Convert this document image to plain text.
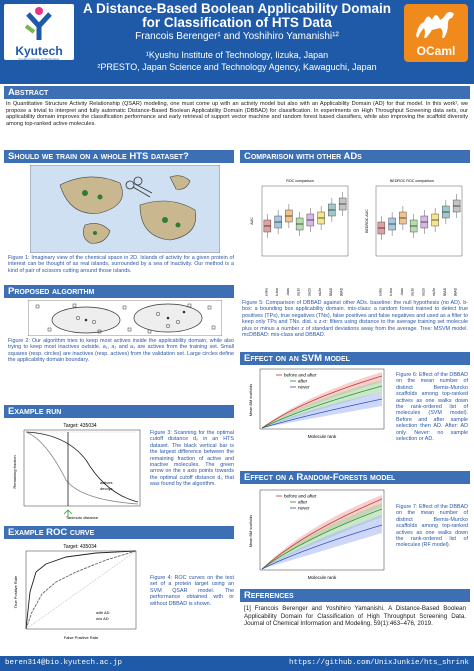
Kyutech
Kyushu Institute of Technology
A Distance-Based Boolean Applicability Domain
for Classification of HTS Data
Francois Berenger¹ and Yoshihiro Yamanishi¹²
¹Kyushu Institute of Technology, Iizuka, Japan
²PRESTO, Japan Science and Technology Agency, Kawaguchi, Japan
OCaml
Abstract
In Quantitative Structure Activity Relationship (QSAR) modeling, one must come up with an activity model but also with an Applicability Domain (AD) for that model. In this work¹, we propose a trivial to interpret and fully automatic Distance-Based Boolean Applicability Domain (DBBAD) for classification. In experiments on High Throughput Screening data sets, our applicability domain improves the classification performance and early retrieval of support vector machine and random forest based classifiers, while also improving the scaffold diversity among top-ranked active molecules.
Should we train on a whole HTS dataset?
Figure 1: Imaginary view of the chemical space in 2D. Islands of activity for a given protein of interest can be thought of as real islands, surrounded by a sea of inactivity. Our method is a kind of pair of scissors cutting around those islands.
Proposed algorithm
Figure 2: Our algorithm tries to keep most actives inside the applicability domain, while also trying to keep most inactives outside. a₁, a₂ and a₃ are actives from the training set. Small squares (resp. circles) are inactives (resp. actives) from the validation set. Large circles define the applicability domain boundary.
Example run
Target: 435034
Remaining fraction
Tanimoto distance
actives
decoys
Figure 3: Scanning for the optimal cutoff distance d₀ in an HTS dataset. The black vertical bar is the largest difference between the remaining fraction of active and inactive molecules. The green arrow on the x axis points towards the optimal cutoff distance d₀ that was found by the algorithm.
Example ROC curve
Target: 435034
True Positive Rate
False Positive Rate
with AD
w/o AD
Figure 4: ROC curves on the test set of a protein target using an SVM QSAR model. The performance obtained with or without DBBAD is shown.
Comparison with other ADs
ROC comparison	BEDROC ROC comparison
AUC	BEDROC AUC
baseline b-box mis-class dist≤1σ dist≤2σ dist≤3σ DBBAD mcDBBAD	baseline b-box mis-class dist≤1σ dist≤2σ dist≤3σ DBBAD mcDBBAD
Figure 5: Comparison of DBBAD against other ADs. baseline: the null hypothesis (no AD). b-box: a bounding box applicability domain. mis-class: a random forest trained to detect true positives (TPs), true negatives (TNs), false positives and false negatives and used as a filter to keep only TPs and TNs. dist. ≤ z∙σ: filters using distance to the average training set molecule plus or minus a number z of standard deviations away from the average. Tree: MSVM model. mcDBBAD: mis-class and DBBAD.
Effect on an SVM model
Mean BM scaffolds
Molecule rank
before and after
after
never
Figure 6: Effect of the DBBAD on the mean number of distinct Bemis-Murcko scaffolds among top-ranked actives as one walks down the rank-ordered list of molecules (SVM model). Before and after sample selection then AD. After: AD only. Never: no sample selection or AD.
Effect on a Random-Forests model
Mean BM scaffolds
Molecule rank
before and after
after
never	Figure 7: Effect of the DBBAD on the mean number of distinct Bemis-Murcko scaffolds among top-ranked actives as one walks down the rank-ordered list of molecules (RF model).
References
[1] Francois Berenger and Yoshihiro Yamanishi. A Distance-Based Boolean Applicability Domain for Classification of High Throughput Screening Data. Journal of Chemical Information and Modeling, 59(1):463–476, 2019.
beren314@bio.kyutech.ac.jp	https://github.com/UnixJunkie/hts_shrink
